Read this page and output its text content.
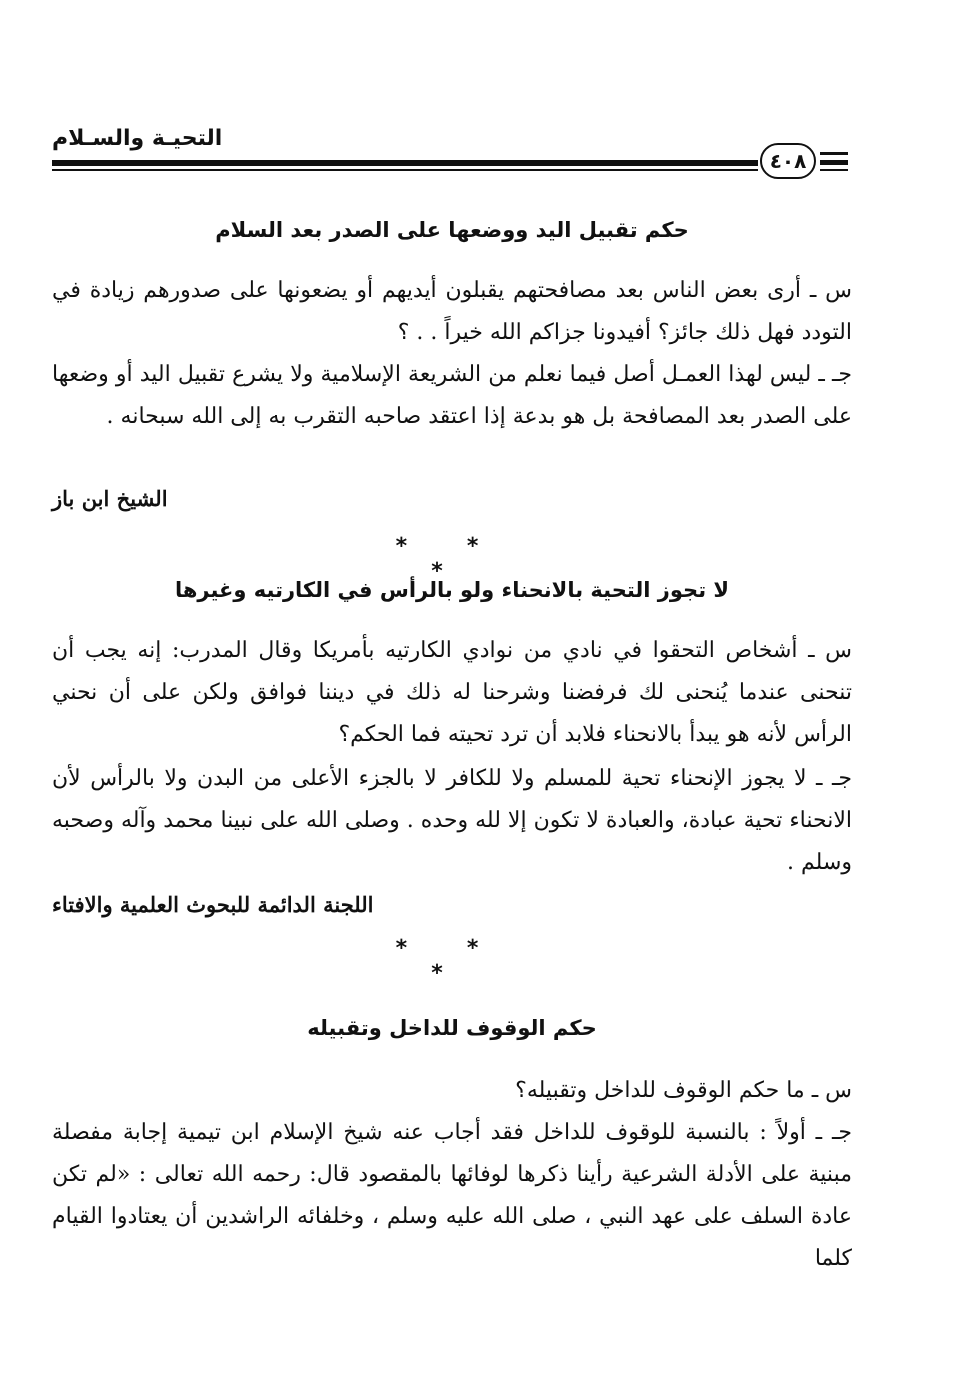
التحيـة والسـلام
٤٠٨
حكم تقبيل اليد ووضعها على الصدر بعد السلام
س ـ أرى بعض الناس بعد مصافحتهم يقبلون أيديهم أو يضعونها على صدورهم زيادة في التودد فهل ذلك جائز؟ أفيدونا جزاكم الله خيراً . . ؟
جـ ـ ليس لهذا العمـل أصل فيما نعلم من الشريعة الإسلامية ولا يشرع تقبيل اليد أو وضعها على الصدر بعد المصافحة بل هو بدعة إذا اعتقد صاحبه التقرب به إلى الله سبحانه .
الشيخ ابن باز
* * *
لا تجوز التحية بالانحناء ولو بالرأس في الكارتيه وغيرها
س ـ أشخاص التحقوا في نادي من نوادي الكارتيه بأمريكا وقال المدرب: إنه يجب أن تنحنى عندما يُنحنى لك فرفضنا وشرحنا له ذلك في ديننا فوافق ولكن على أن نحني الرأس لأنه هو يبدأ بالانحناء فلابد أن ترد تحيته فما الحكم؟
جـ ـ لا يجوز الإنحناء تحية للمسلم ولا للكافر لا بالجزء الأعلى من البدن ولا بالرأس لأن الانحناء تحية عبادة، والعبادة لا تكون إلا لله وحده . وصلى الله على نبينا محمد وآله وصحبه وسلم .
اللجنة الدائمة للبحوث العلمية والافتاء
* * *
حكم الوقوف للداخل وتقبيله
س ـ ما حكم الوقوف للداخل وتقبيله؟
جـ ـ أولاً : بالنسبة للوقوف للداخل فقد أجاب عنه شيخ الإسلام ابن تيمية إجابة مفصلة مبنية على الأدلة الشرعية رأينا ذكرها لوفائها بالمقصود قال: رحمه الله تعالى : «لم تكن عادة السلف على عهد النبي ، صلى الله عليه وسلم ، وخلفائه الراشدين أن يعتادوا القيام كلما
